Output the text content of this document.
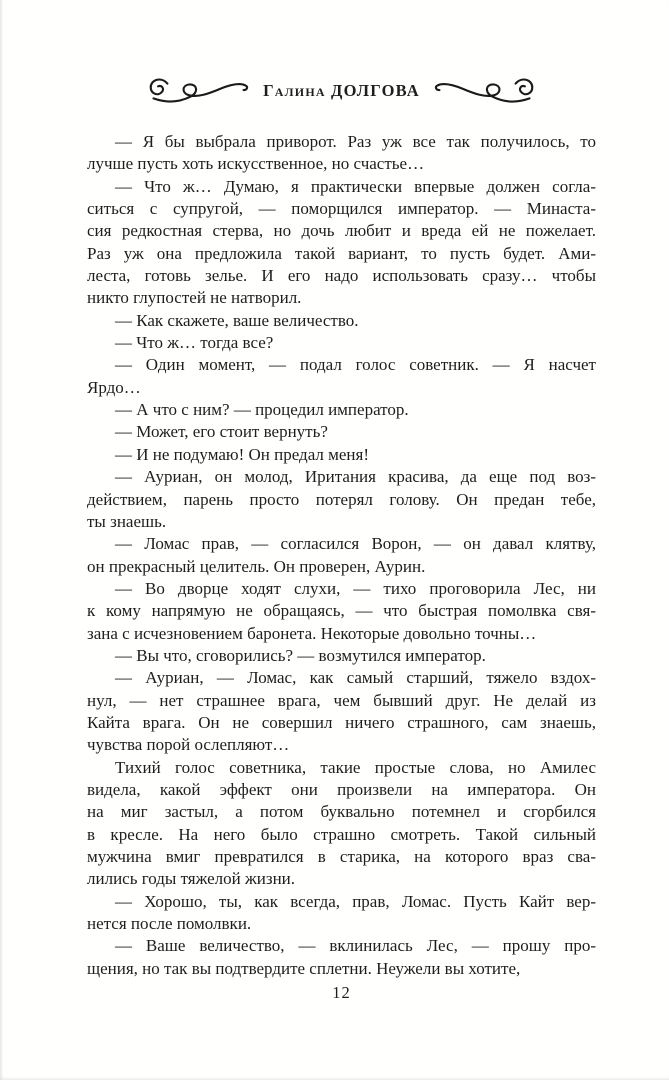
Галина ДОЛГОВА

— Я бы выбрала приворот. Раз уж все так получилось, то
лучше пусть хоть искусственное, но счастье…

— Что ж… Думаю, я практически впервые должен согла-
ситься с супругой, — поморщился император. — Минаста-
сия редкостная стерва, но дочь любит и вреда ей не пожелает.
Раз уж она предложила такой вариант, то пусть будет. Ами-
леста, готовь зелье. И его надо использовать сразу… чтобы
никто глупостей не натворил.

— Как скажете, ваше величество.

— Что ж… тогда все?

— Один момент, — подал голос советник. — Я насчет
Ярдо…

— А что с ним? — процедил император.

— Может, его стоит вернуть?

— И не подумаю! Он предал меня!

— Ауриан, он молод, Иритания красива, да еще под воз-
действием, парень просто потерял голову. Он предан тебе,
ты знаешь.

— Ломас прав, — согласился Ворон, — он давал клятву,
он прекрасный целитель. Он проверен, Аурин.

— Во дворце ходят слухи, — тихо проговорила Лес, ни
к кому напрямую не обращаясь, — что быстрая помолвка свя-
зана с исчезновением баронета. Некоторые довольно точны…

— Вы что, сговорились? — возмутился император.

— Ауриан, — Ломас, как самый старший, тяжело вздох-
нул, — нет страшнее врага, чем бывший друг. Не делай из
Кайта врага. Он не совершил ничего страшного, сам знаешь,
чувства порой ослепляют…

Тихий голос советника, такие простые слова, но Амилес
видела, какой эффект они произвели на императора. Он
на миг застыл, а потом буквально потемнел и сгорбился
в кресле. На него было страшно смотреть. Такой сильный
мужчина вмиг превратился в старика, на которого враз сва-
лились годы тяжелой жизни.

— Хорошо, ты, как всегда, прав, Ломас. Пусть Кайт вер-
нется после помолвки.

— Ваше величество, — вклинилась Лес, — прошу про-
щения, но так вы подтвердите сплетни. Неужели вы хотите,

12
